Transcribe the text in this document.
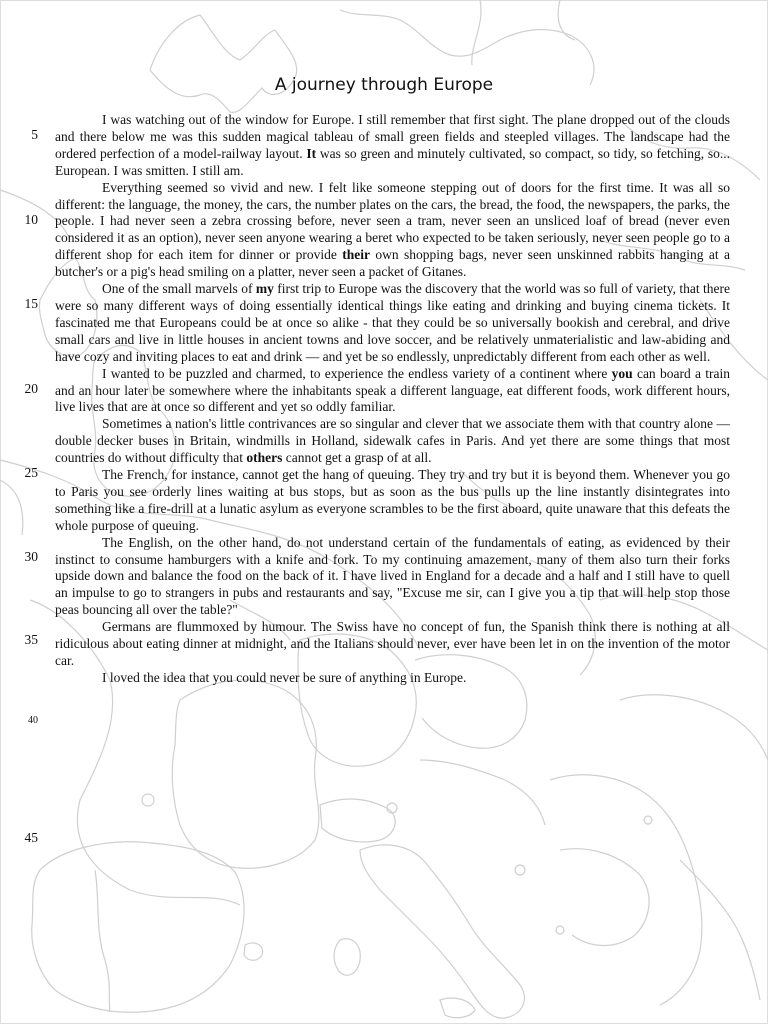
A journey through Europe
5
10
15
20
25
30
35
40
45

I was watching out of the window for Europe. I still remember that first sight. The plane dropped out of the clouds and there below me was this sudden magical tableau of small green fields and steepled villages. The landscape had the ordered perfection of a model-railway layout. It was so green and minutely cultivated, so compact, so tidy, so fetching, so... European. I was smitten. I still am.

Everything seemed so vivid and new. I felt like someone stepping out of doors for the first time. It was all so different: the language, the money, the cars, the number plates on the cars, the bread, the food, the newspapers, the parks, the people. I had never seen a zebra crossing before, never seen a tram, never seen an unsliced loaf of bread (never even considered it as an option), never seen anyone wearing a beret who expected to be taken seriously, never seen people go to a different shop for each item for dinner or provide their own shopping bags, never seen unskinned rabbits hanging at a butcher's or a pig's head smiling on a platter, never seen a packet of Gitanes.

One of the small marvels of my first trip to Europe was the discovery that the world was so full of variety, that there were so many different ways of doing essentially identical things like eating and drinking and buying cinema tickets. It fascinated me that Europeans could be at once so alike - that they could be so universally bookish and cerebral, and drive small cars and live in little houses in ancient towns and love soccer, and be relatively unmaterialistic and law-abiding and have cozy and inviting places to eat and drink — and yet be so endlessly, unpredictably different from each other as well.

I wanted to be puzzled and charmed, to experience the endless variety of a continent where you can board a train and an hour later be somewhere where the inhabitants speak a different language, eat different foods, work different hours, live lives that are at once so different and yet so oddly familiar.

Sometimes a nation's little contrivances are so singular and clever that we associate them with that country alone — double decker buses in Britain, windmills in Holland, sidewalk cafes in Paris. And yet there are some things that most countries do without difficulty that others cannot get a grasp of at all.

The French, for instance, cannot get the hang of queuing. They try and try but it is beyond them. Whenever you go to Paris you see orderly lines waiting at bus stops, but as soon as the bus pulls up the line instantly disintegrates into something like a fire-drill at a lunatic asylum as everyone scrambles to be the first aboard, quite unaware that this defeats the whole purpose of queuing.

The English, on the other hand, do not understand certain of the fundamentals of eating, as evidenced by their instinct to consume hamburgers with a knife and fork. To my continuing amazement, many of them also turn their forks upside down and balance the food on the back of it. I have lived in England for a decade and a half and I still have to quell an impulse to go to strangers in pubs and restaurants and say, "Excuse me sir, can I give you a tip that will help stop those peas bouncing all over the table?"

Germans are flummoxed by humour. The Swiss have no concept of fun, the Spanish think there is nothing at all ridiculous about eating dinner at midnight, and the Italians should never, ever have been let in on the invention of the motor car.

I loved the idea that you could never be sure of anything in Europe.
